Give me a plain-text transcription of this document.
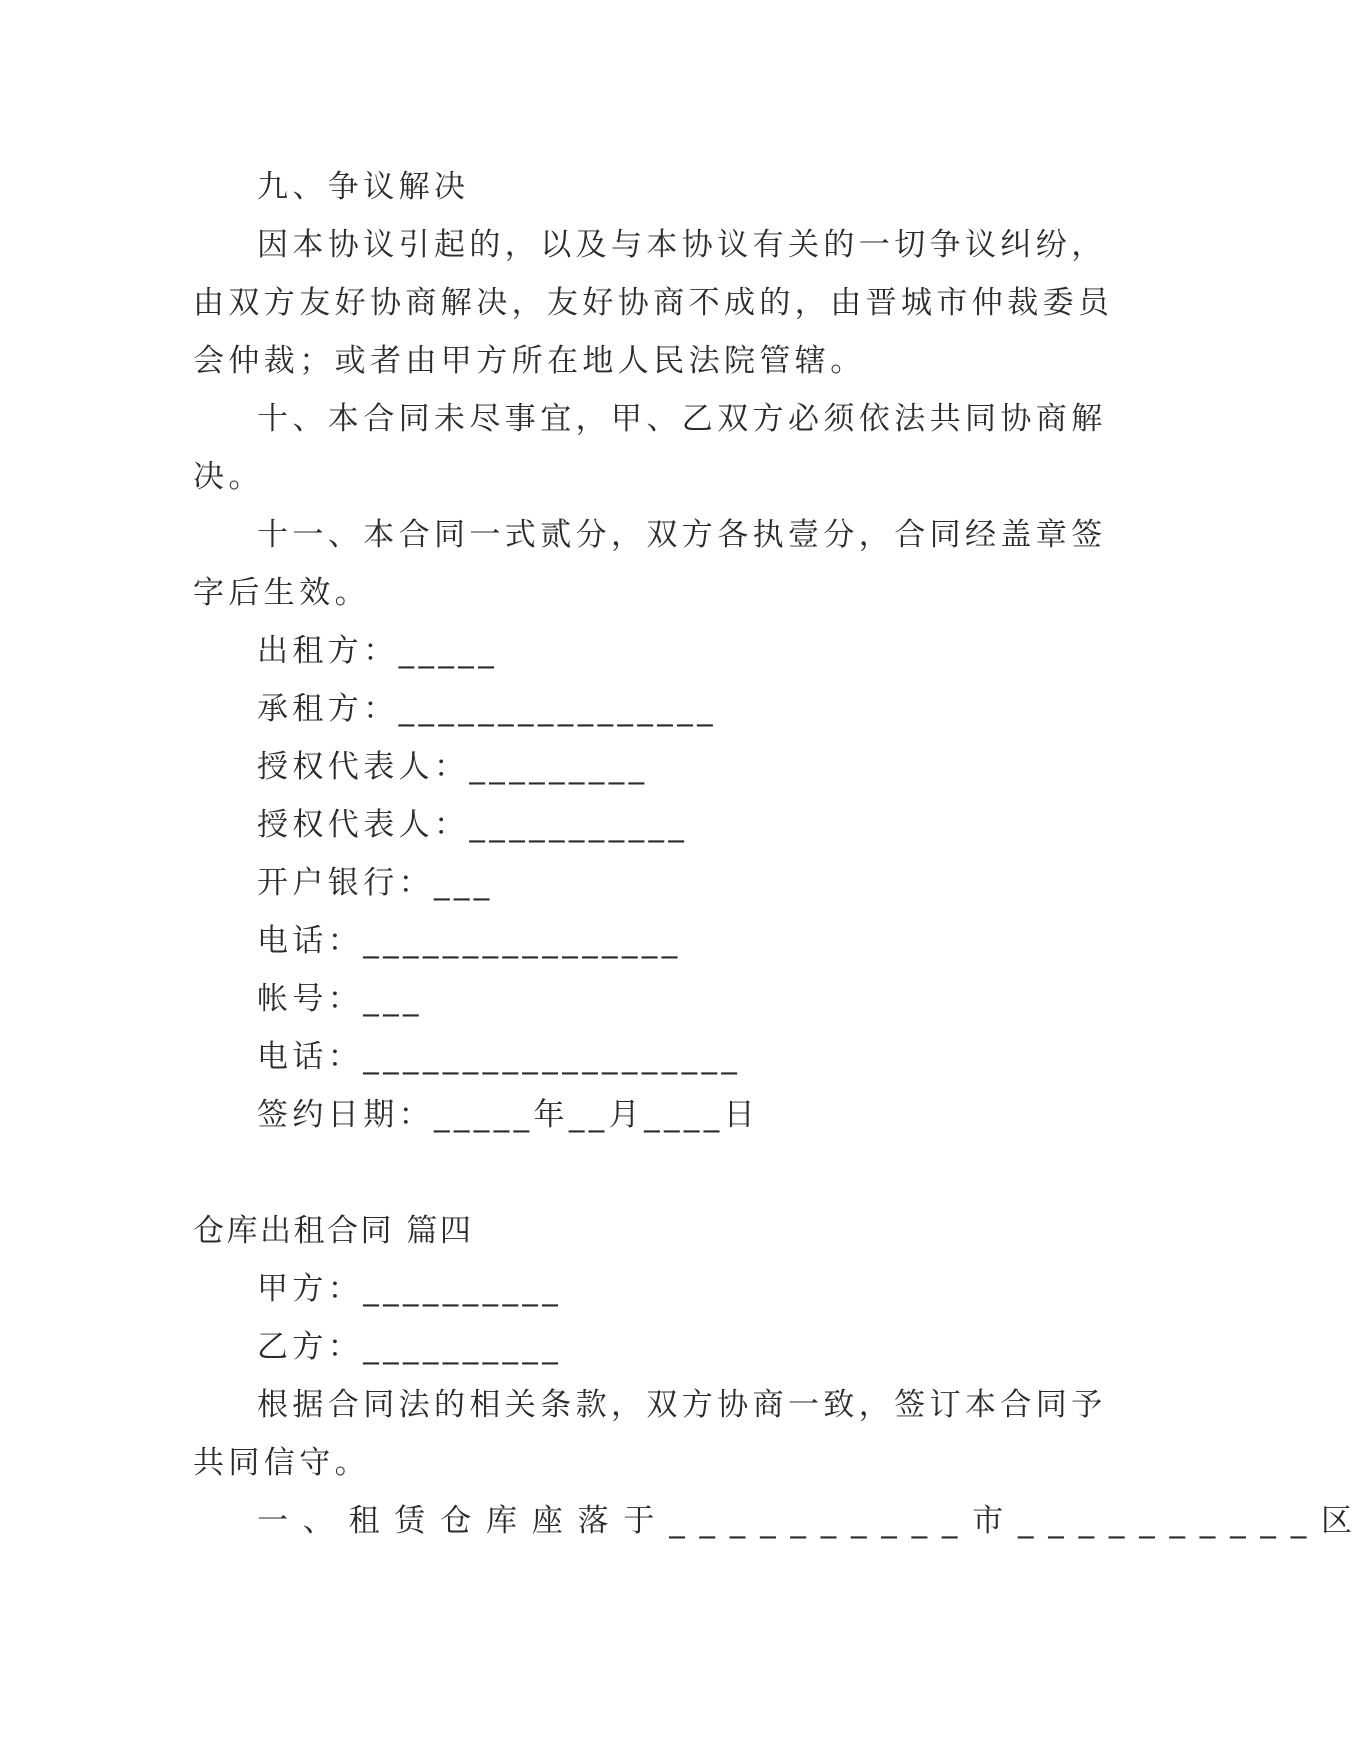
九、争议解决
因本协议引起的，以及与本协议有关的一切争议纠纷，
由双方友好协商解决，友好协商不成的，由晋城市仲裁委员
会仲裁；或者由甲方所在地人民法院管辖。
十、本合同未尽事宜，甲、乙双方必须依法共同协商解
决。
十一、本合同一式贰分，双方各执壹分，合同经盖章签
字后生效。
出租方：_____
承租方：________________
授权代表人：_________
授权代表人：___________
开户银行：___
电话：________________
帐号：___
电话：___________________
签约日期：_____年__月____日
仓库出租合同 篇四
甲方：__________
乙方：__________
根据合同法的相关条款，双方协商一致，签订本合同予
共同信守。
一、租赁仓库座落于__________市__________区
